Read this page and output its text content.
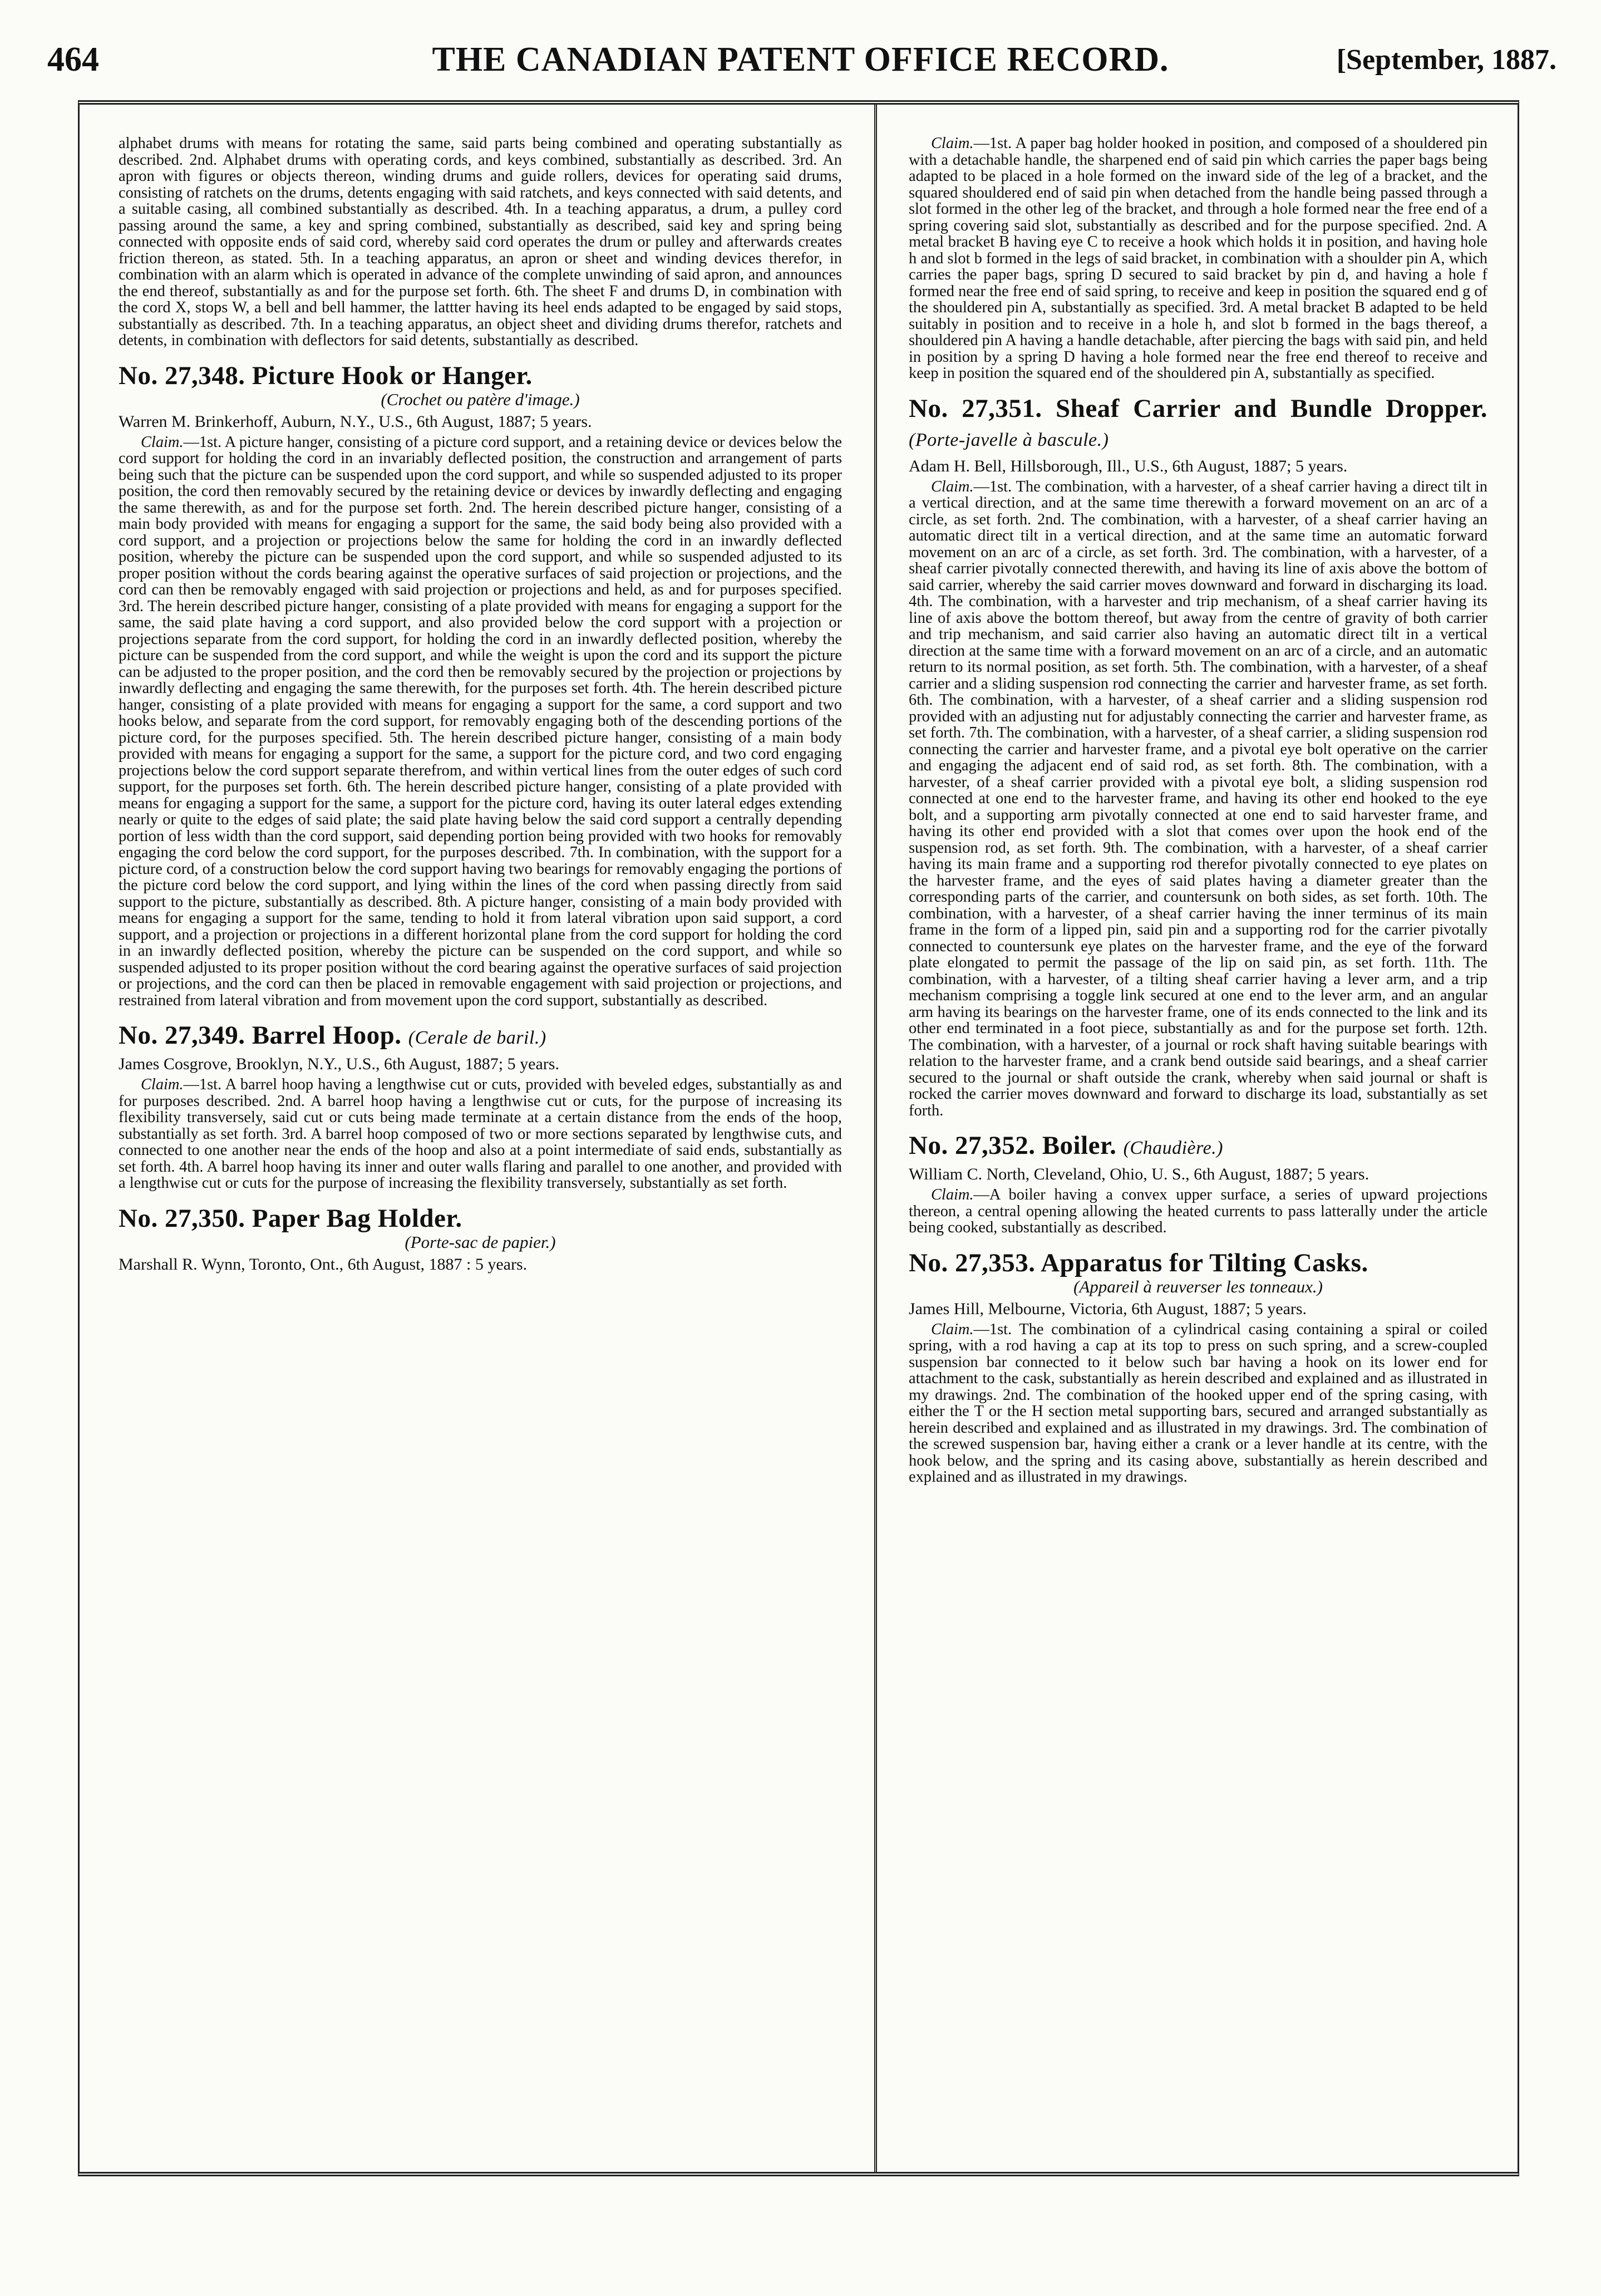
464	THE CANADIAN PATENT OFFICE RECORD.	[September, 1887.

alphabet drums with means for rotating the same, said parts being combined and operating substantially as described. 2nd. Alphabet drums with operating cords, and keys combined, substantially as described. 3rd. An apron with figures or objects thereon, winding drums and guide rollers, devices for operating said drums, consisting of ratchets on the drums, detents engaging with said ratchets, and keys connected with said detents, and a suitable casing, all combined substantially as described. 4th. In a teaching apparatus, a drum, a pulley cord passing around the same, a key and spring combined, substantially as described, said key and spring being connected with opposite ends of said cord, whereby said cord operates the drum or pulley and afterwards creates friction thereon, as stated. 5th. In a teaching apparatus, an apron or sheet and winding devices therefor, in combination with an alarm which is operated in advance of the complete unwinding of said apron, and announces the end thereof, substantially as and for the purpose set forth. 6th. The sheet F and drums D, in combination with the cord X, stops W, a bell and bell hammer, the lattter having its heel ends adapted to be engaged by said stops, substantially as described. 7th. In a teaching apparatus, an object sheet and dividing drums therefor, ratchets and detents, in combination with deflectors for said detents, substantially as described.

No. 27,348. Picture Hook or Hanger.
(Crochet ou patère d'image.)
Warren M. Brinkerhoff, Auburn, N.Y., U.S., 6th August, 1887; 5 years.

Claim.—1st. A picture hanger, consisting of a picture cord support, and a retaining device or devices below the cord support for holding the cord in an invariably deflected position, the construction and arrangement of parts being such that the picture can be suspended upon the cord support, and while so suspended adjusted to its proper position, the cord then removably secured by the retaining device or devices by inwardly deflecting and engaging the same therewith, as and for the purpose set forth. 2nd. The herein described picture hanger, consisting of a main body provided with means for engaging a support for the same, the said body being also provided with a cord support, and a projection or projections below the same for holding the cord in an inwardly deflected position, whereby the picture can be suspended upon the cord support, and while so suspended adjusted to its proper position without the cords bearing against the operative surfaces of said projection or projections, and the cord can then be removably engaged with said projection or projections and held, as and for purposes specified. 3rd. The herein described picture hanger, consisting of a plate provided with means for engaging a support for the same, the said plate having a cord support, and also provided below the cord support with a projection or projections separate from the cord support, for holding the cord in an inwardly deflected position, whereby the picture can be suspended from the cord support, and while the weight is upon the cord and its support the picture can be adjusted to the proper position, and the cord then be removably secured by the projection or projections by inwardly deflecting and engaging the same therewith, for the purposes set forth. 4th. The herein described picture hanger, consisting of a plate provided with means for engaging a support for the same, a cord support and two hooks below, and separate from the cord support, for removably engaging both of the descending portions of the picture cord, for the purposes specified. 5th. The herein described picture hanger, consisting of a main body provided with means for engaging a support for the same, a support for the picture cord, and two cord engaging projections below the cord support separate therefrom, and within vertical lines from the outer edges of such cord support, for the purposes set forth. 6th. The herein described picture hanger, consisting of a plate provided with means for engaging a support for the same, a support for the picture cord, having its outer lateral edges extending nearly or quite to the edges of said plate; the said plate having below the said cord support a centrally depending portion of less width than the cord support, said depending portion being provided with two hooks for removably engaging the cord below the cord support, for the purposes described. 7th. In combination, with the support for a picture cord, of a construction below the cord support having two bearings for removably engaging the portions of the picture cord below the cord support, and lying within the lines of the cord when passing directly from said support to the picture, substantially as described. 8th. A picture hanger, consisting of a main body provided with means for engaging a support for the same, tending to hold it from lateral vibration upon said support, a cord support, and a projection or projections in a different horizontal plane from the cord support for holding the cord in an inwardly deflected position, whereby the picture can be suspended on the cord support, and while so suspended adjusted to its proper position without the cord bearing against the operative surfaces of said projection or projections, and the cord can then be placed in removable engagement with said projection or projections, and restrained from lateral vibration and from movement upon the cord support, substantially as described.

No. 27,349. Barrel Hoop. (Cerale de baril.)
James Cosgrove, Brooklyn, N.Y., U.S., 6th August, 1887; 5 years.

Claim.—1st. A barrel hoop having a lengthwise cut or cuts, provided with beveled edges, substantially as and for purposes described. 2nd. A barrel hoop having a lengthwise cut or cuts, for the purpose of increasing its flexibility transversely, said cut or cuts being made terminate at a certain distance from the ends of the hoop, substantially as set forth. 3rd. A barrel hoop composed of two or more sections separated by lengthwise cuts, and connected to one another near the ends of the hoop and also at a point intermediate of said ends, substantially as set forth. 4th. A barrel hoop having its inner and outer walls flaring and parallel to one another, and provided with a lengthwise cut or cuts for the purpose of increasing the flexibility transversely, substantially as set forth.

No. 27,350. Paper Bag Holder.
(Porte-sac de papier.)
Marshall R. Wynn, Toronto, Ont., 6th August, 1887 : 5 years.

Claim.—1st. A paper bag holder hooked in position, and composed of a shouldered pin with a detachable handle, the sharpened end of said pin which carries the paper bags being adapted to be placed in a hole formed on the inward side of the leg of a bracket, and the squared shouldered end of said pin when detached from the handle being passed through a slot formed in the other leg of the bracket, and through a hole formed near the free end of a spring covering said slot, substantially as described and for the purpose specified. 2nd. A metal bracket B having eye C to receive a hook which holds it in position, and having hole h and slot b formed in the legs of said bracket, in combination with a shoulder pin A, which carries the paper bags, spring D secured to said bracket by pin d, and having a hole f formed near the free end of said spring, to receive and keep in position the squared end g of the shouldered pin A, substantially as specified. 3rd. A metal bracket B adapted to be held suitably in position and to receive in a hole h, and slot b formed in the bags thereof, a shouldered pin A having a handle detachable, after piercing the bags with said pin, and held in position by a spring D having a hole formed near the free end thereof to receive and keep in position the squared end of the shouldered pin A, substantially as specified.

No. 27,351. Sheaf Carrier and Bundle Dropper. (Porte-javelle à bascule.)
Adam H. Bell, Hillsborough, Ill., U.S., 6th August, 1887; 5 years.

Claim.—1st. The combination, with a harvester, of a sheaf carrier having a direct tilt in a vertical direction, and at the same time therewith a forward movement on an arc of a circle, as set forth. 2nd. The combination, with a harvester, of a sheaf carrier having an automatic direct tilt in a vertical direction, and at the same time an automatic forward movement on an arc of a circle, as set forth. 3rd. The combination, with a harvester, of a sheaf carrier pivotally connected therewith, and having its line of axis above the bottom of said carrier, whereby the said carrier moves downward and forward in discharging its load. 4th. The combination, with a harvester and trip mechanism, of a sheaf carrier having its line of axis above the bottom thereof, but away from the centre of gravity of both carrier and trip mechanism, and said carrier also having an automatic direct tilt in a vertical direction at the same time with a forward movement on an arc of a circle, and an automatic return to its normal position, as set forth. 5th. The combination, with a harvester, of a sheaf carrier and a sliding suspension rod connecting the carrier and harvester frame, as set forth. 6th. The combination, with a harvester, of a sheaf carrier and a sliding suspension rod provided with an adjusting nut for adjustably connecting the carrier and harvester frame, as set forth. 7th. The combination, with a harvester, of a sheaf carrier, a sliding suspension rod connecting the carrier and harvester frame, and a pivotal eye bolt operative on the carrier and engaging the adjacent end of said rod, as set forth. 8th. The combination, with a harvester, of a sheaf carrier provided with a pivotal eye bolt, a sliding suspension rod connected at one end to the harvester frame, and having its other end hooked to the eye bolt, and a supporting arm pivotally connected at one end to said harvester frame, and having its other end provided with a slot that comes over upon the hook end of the suspension rod, as set forth. 9th. The combination, with a harvester, of a sheaf carrier having its main frame and a supporting rod therefor pivotally connected to eye plates on the harvester frame, and the eyes of said plates having a diameter greater than the corresponding parts of the carrier, and countersunk on both sides, as set forth. 10th. The combination, with a harvester, of a sheaf carrier having the inner terminus of its main frame in the form of a lipped pin, said pin and a supporting rod for the carrier pivotally connected to countersunk eye plates on the harvester frame, and the eye of the forward plate elongated to permit the passage of the lip on said pin, as set forth. 11th. The combination, with a harvester, of a tilting sheaf carrier having a lever arm, and a trip mechanism comprising a toggle link secured at one end to the lever arm, and an angular arm having its bearings on the harvester frame, one of its ends connected to the link and its other end terminated in a foot piece, substantially as and for the purpose set forth. 12th. The combination, with a harvester, of a journal or rock shaft having suitable bearings with relation to the harvester frame, and a crank bend outside said bearings, and a sheaf carrier secured to the journal or shaft outside the crank, whereby when said journal or shaft is rocked the carrier moves downward and forward to discharge its load, substantially as set forth.

No. 27,352. Boiler. (Chaudière.)
William C. North, Cleveland, Ohio, U. S., 6th August, 1887; 5 years.

Claim.—A boiler having a convex upper surface, a series of upward projections thereon, a central opening allowing the heated currents to pass latterally under the article being cooked, substantially as described.

No. 27,353. Apparatus for Tilting Casks.
(Appareil à reuverser les tonneaux.)
James Hill, Melbourne, Victoria, 6th August, 1887; 5 years.

Claim.—1st. The combination of a cylindrical casing containing a spiral or coiled spring, with a rod having a cap at its top to press on such spring, and a screw-coupled suspension bar connected to it below such bar having a hook on its lower end for attachment to the cask, substantially as herein described and explained and as illustrated in my drawings. 2nd. The combination of the hooked upper end of the spring casing, with either the T or the H section metal supporting bars, secured and arranged substantially as herein described and explained and as illustrated in my drawings. 3rd. The combination of the screwed suspension bar, having either a crank or a lever handle at its centre, with the hook below, and the spring and its casing above, substantially as herein described and explained and as illustrated in my drawings.
